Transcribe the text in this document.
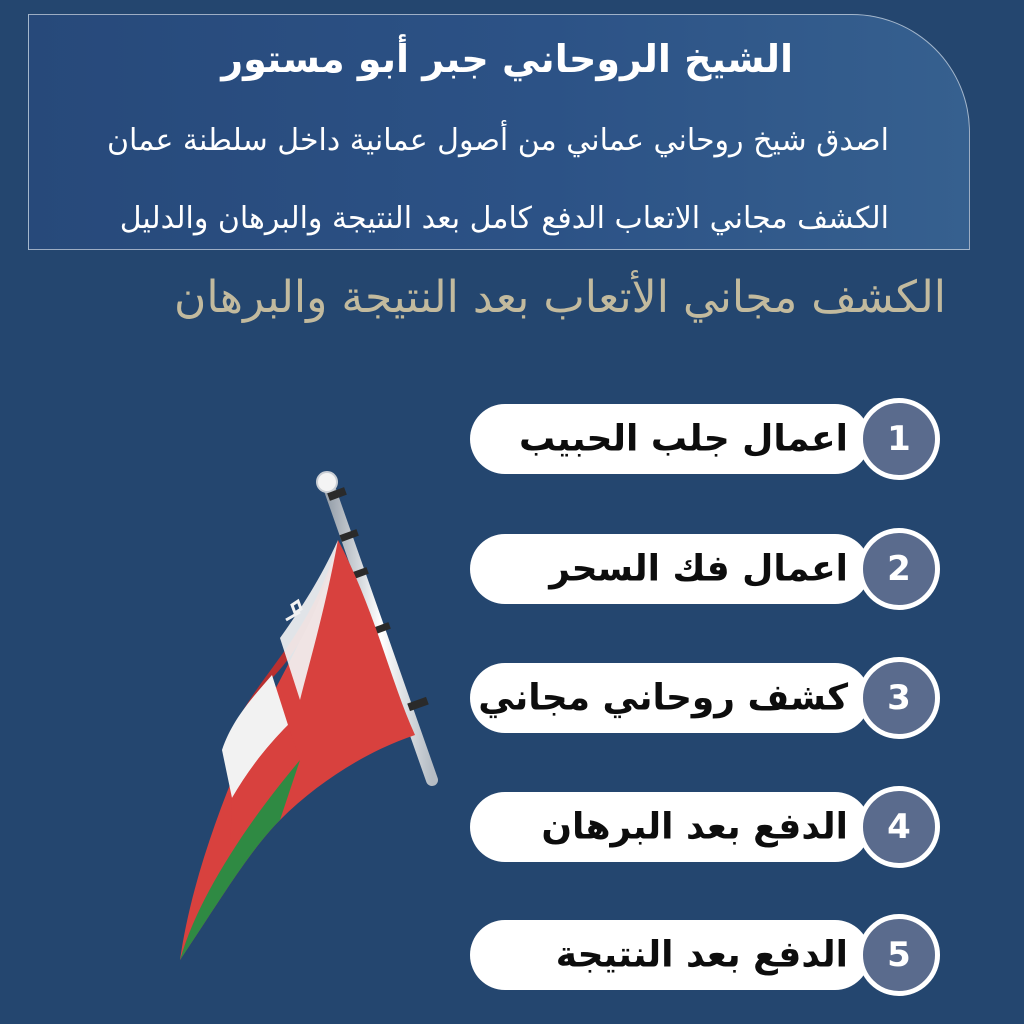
الشيخ الروحاني جبر أبو مستور
اصدق شيخ روحاني عماني من أصول عمانية داخل سلطنة عمان
الكشف مجاني الاتعاب الدفع كامل بعد النتيجة والبرهان والدليل
الكشف مجاني الأتعاب بعد النتيجة والبرهان
اعمال جلب الحبيب	1
اعمال فك السحر	2
كشف روحاني مجاني	3
الدفع بعد البرهان	4
الدفع بعد النتيجة	5
